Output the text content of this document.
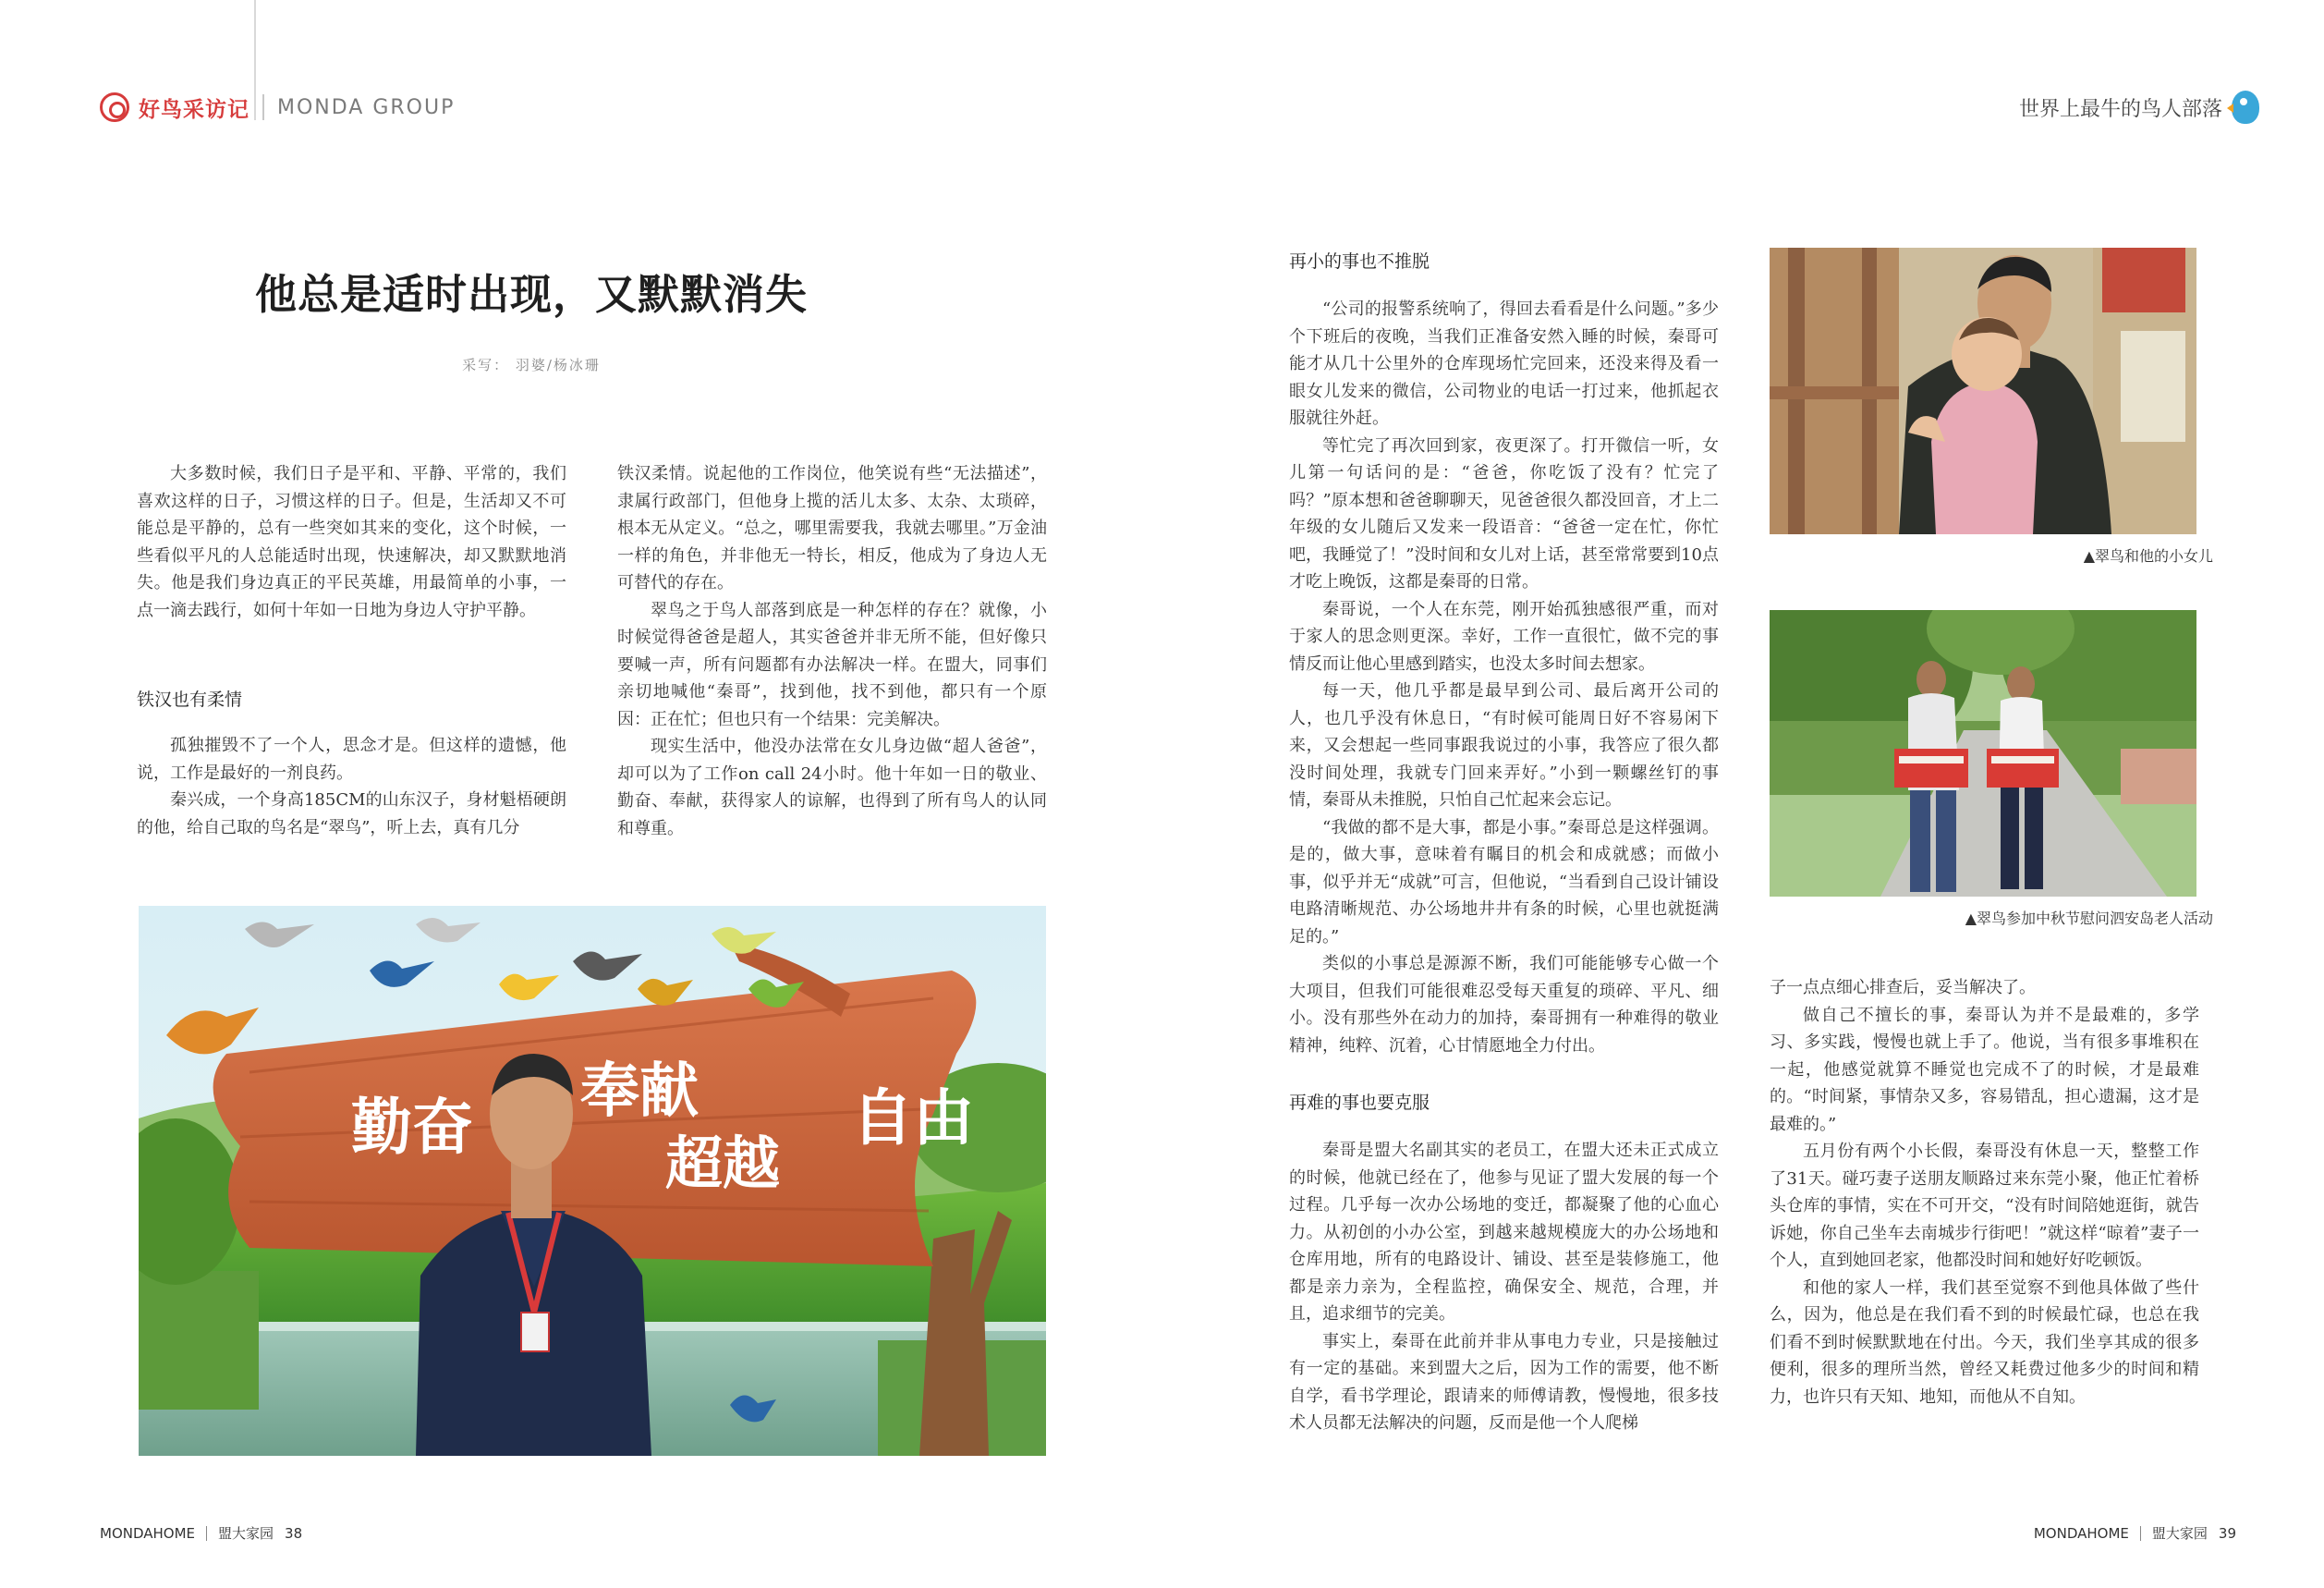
好鸟采访记 MONDA GROUP	世界上最牛的鸟人部落
他总是适时出现，又默默消失
采写： 羽婆/杨冰珊

大多数时候，我们日子是平和、平静、平常的，我们喜欢这样的日子，习惯这样的日子。但是，生活却又不可能总是平静的，总有一些突如其来的变化，这个时候，一些看似平凡的人总能适时出现，快速解决，却又默默地消失。他是我们身边真正的平民英雄，用最简单的小事，一点一滴去践行，如何十年如一日地为身边人守护平静。

铁汉也有柔情

孤独摧毁不了一个人，思念才是。但这样的遗憾，他说，工作是最好的一剂良药。

秦兴成，一个身高185CM的山东汉子，身材魁梧硬朗的他，给自己取的鸟名是“翠鸟”，听上去，真有几分

铁汉柔情。说起他的工作岗位，他笑说有些“无法描述”，隶属行政部门，但他身上揽的活儿太多、太杂、太琐碎，根本无从定义。“总之，哪里需要我，我就去哪里。”万金油一样的角色，并非他无一特长，相反，他成为了身边人无可替代的存在。

翠鸟之于鸟人部落到底是一种怎样的存在？就像，小时候觉得爸爸是超人，其实爸爸并非无所不能，但好像只要喊一声，所有问题都有办法解决一样。在盟大，同事们亲切地喊他“秦哥”，找到他，找不到他，都只有一个原因：正在忙；但也只有一个结果：完美解决。

现实生活中，他没办法常在女儿身边做“超人爸爸”，却可以为了工作on call 24小时。他十年如一日的敬业、勤奋、奉献，获得家人的谅解，也得到了所有鸟人的认同和尊重。

勤奋 奉献
超越
自由
再小的事也不推脱

“公司的报警系统响了，得回去看看是什么问题。”多少个下班后的夜晚，当我们正准备安然入睡的时候，秦哥可能才从几十公里外的仓库现场忙完回来，还没来得及看一眼女儿发来的微信，公司物业的电话一打过来，他抓起衣服就往外赶。

等忙完了再次回到家，夜更深了。打开微信一听，女儿第一句话问的是：“爸爸，你吃饭了没有？忙完了吗？”原本想和爸爸聊聊天，见爸爸很久都没回音，才上二年级的女儿随后又发来一段语音：“爸爸一定在忙，你忙吧，我睡觉了！”没时间和女儿对上话，甚至常常要到10点才吃上晚饭，这都是秦哥的日常。

秦哥说，一个人在东莞，刚开始孤独感很严重，而对于家人的思念则更深。幸好，工作一直很忙，做不完的事情反而让他心里感到踏实，也没太多时间去想家。

每一天，他几乎都是最早到公司、最后离开公司的人，也几乎没有休息日，“有时候可能周日好不容易闲下来，又会想起一些同事跟我说过的小事，我答应了很久都没时间处理，我就专门回来弄好。”小到一颗螺丝钉的事情，秦哥从未推脱，只怕自己忙起来会忘记。

“我做的都不是大事，都是小事。”秦哥总是这样强调。是的，做大事，意味着有瞩目的机会和成就感；而做小事，似乎并无“成就”可言，但他说，“当看到自己设计铺设电路清晰规范、办公场地井井有条的时候，心里也就挺满足的。”

类似的小事总是源源不断，我们可能能够专心做一个大项目，但我们可能很难忍受每天重复的琐碎、平凡、细小。没有那些外在动力的加持，秦哥拥有一种难得的敬业精神，纯粹、沉着，心甘情愿地全力付出。

再难的事也要克服

秦哥是盟大名副其实的老员工，在盟大还未正式成立的时候，他就已经在了，他参与见证了盟大发展的每一个过程。几乎每一次办公场地的变迁，都凝聚了他的心血心力。从初创的小办公室，到越来越规模庞大的办公场地和仓库用地，所有的电路设计、铺设、甚至是装修施工，他都是亲力亲为，全程监控，确保安全、规范，合理，并且，追求细节的完美。

事实上，秦哥在此前并非从事电力专业，只是接触过有一定的基础。来到盟大之后，因为工作的需要，他不断自学，看书学理论，跟请来的师傅请教，慢慢地，很多技术人员都无法解决的问题，反而是他一个人爬梯

▲翠鸟和他的小女儿
▲翠鸟参加中秋节慰问泗安岛老人活动

子一点点细心排查后，妥当解决了。

做自己不擅长的事，秦哥认为并不是最难的，多学习、多实践，慢慢也就上手了。他说，当有很多事堆积在一起，他感觉就算不睡觉也完成不了的时候，才是最难的。“时间紧，事情杂又多，容易错乱，担心遗漏，这才是最难的。”

五月份有两个小长假，秦哥没有休息一天，整整工作了31天。碰巧妻子送朋友顺路过来东莞小聚，他正忙着桥头仓库的事情，实在不可开交，“没有时间陪她逛街，就告诉她，你自己坐车去南城步行街吧！”就这样“晾着”妻子一个人，直到她回老家，他都没时间和她好好吃顿饭。

和他的家人一样，我们甚至觉察不到他具体做了些什么，因为，他总是在我们看不到的时候最忙碌，也总在我们看不到时候默默地在付出。今天，我们坐享其成的很多便利，很多的理所当然，曾经又耗费过他多少的时间和精力，也许只有天知、地知，而他从不自知。

MONDAHOME 盟大家园 38	MONDAHOME 盟大家园 39
